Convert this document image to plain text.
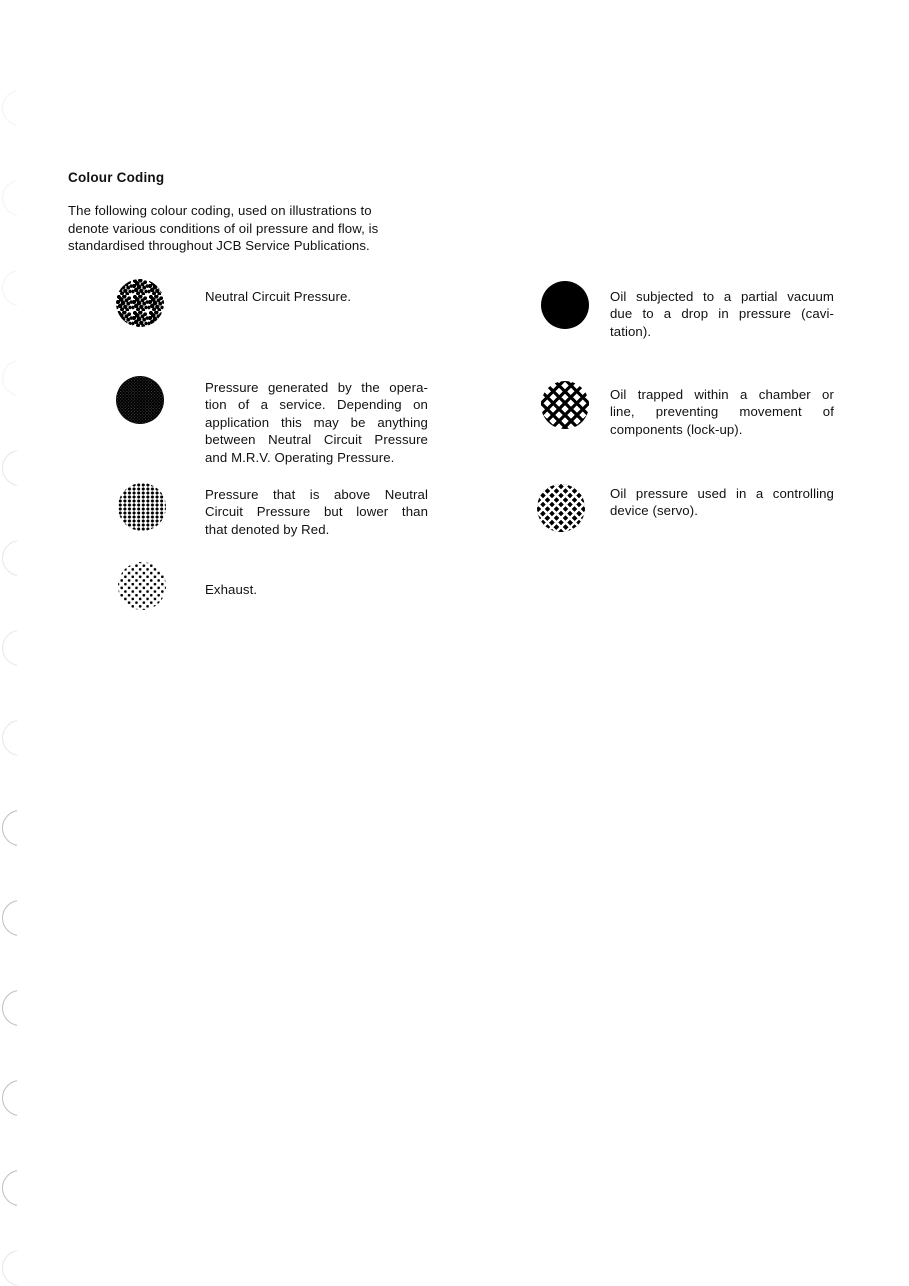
Colour Coding
The following colour coding, used on illustrations to
denote various conditions of oil pressure and flow, is
standardised throughout JCB Service Publications.
Neutral Circuit Pressure.
Pressure generated by the opera-
tion of a service. Depending on
application this may be anything
between Neutral Circuit Pressure
and M.R.V. Operating Pressure.
Pressure that is above Neutral
Circuit Pressure but lower than
that denoted by Red.
Exhaust.
Oil subjected to a partial vacuum
due to a drop in pressure (cavi-
tation).
Oil trapped within a chamber or
line, preventing movement of
components (lock-up).
Oil pressure used in a controlling
device (servo).
